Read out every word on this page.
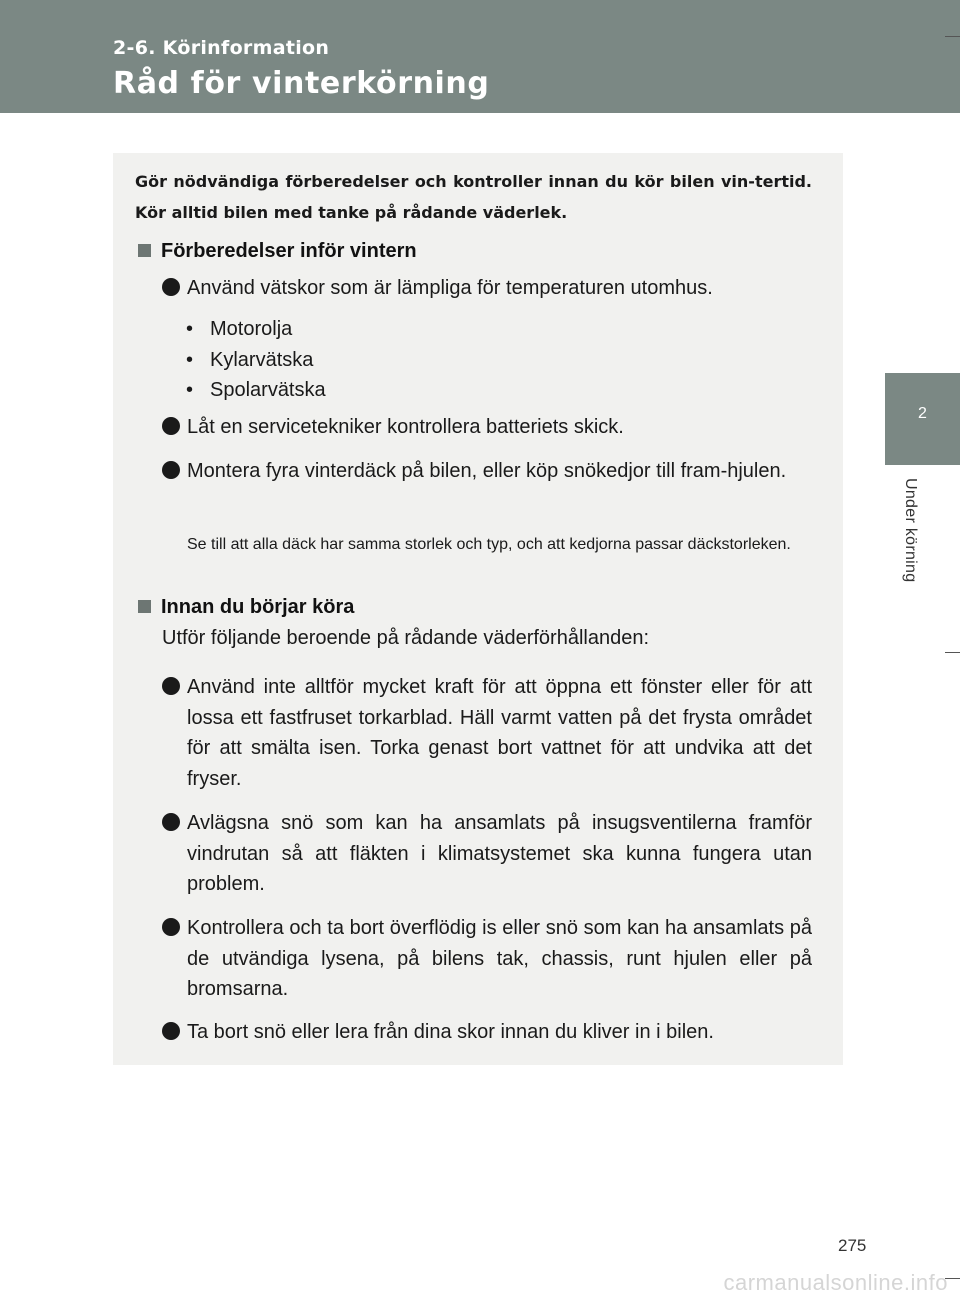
2-6. Körinformation
Råd för vinterkörning
2
Under körning
Gör nödvändiga förberedelser och kontroller innan du kör bilen vin-tertid. Kör alltid bilen med tanke på rådande väderlek.
Förberedelser inför vintern
Använd vätskor som är lämpliga för temperaturen utomhus.
• Motorolja
• Kylarvätska
• Spolarvätska
Låt en servicetekniker kontrollera batteriets skick.
Montera fyra vinterdäck på bilen, eller köp snökedjor till fram-hjulen.
Se till att alla däck har samma storlek och typ, och att kedjorna passar däckstorleken.
Innan du börjar köra
Utför följande beroende på rådande väderförhållanden:
Använd inte alltför mycket kraft för att öppna ett fönster eller för att lossa ett fastfruset torkarblad. Häll varmt vatten på det frysta området för att smälta isen. Torka genast bort vattnet för att undvika att det fryser.
Avlägsna snö som kan ha ansamlats på insugsventilerna framför vindrutan så att fläkten i klimatsystemet ska kunna fungera utan problem.
Kontrollera och ta bort överflödig is eller snö som kan ha ansamlats på de utvändiga lysena, på bilens tak, chassis, runt hjulen eller på bromsarna.
Ta bort snö eller lera från dina skor innan du kliver in i bilen.
275
carmanualsonline.info
